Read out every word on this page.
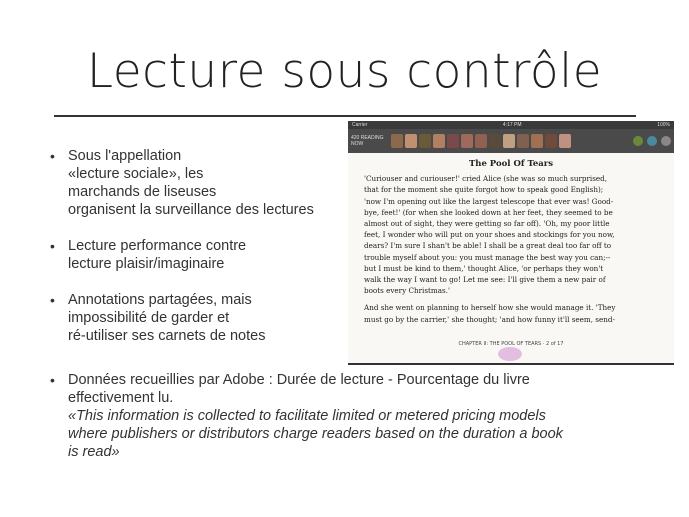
Lecture sous contrôle
• Sous l'appellation
«lecture sociale», les
marchands de liseuses
organisent la surveillance des lectures
• Lecture performance contre
lecture plaisir/imaginaire
• Annotations partagées, mais
impossibilité de garder et
ré-utiliser ses carnets de notes
Carrier	4:17 PM	100%
420 READING NOW
The Pool Of Tears
'Curiouser and curiouser!' cried Alice (she was so much surprised,
that for the moment she quite forgot how to speak good English);
'now I'm opening out like the largest telescope that ever was! Good-
bye, feet!' (for when she looked down at her feet, they seemed to be
almost out of sight, they were getting so far off). 'Oh, my poor little
feet, I wonder who will put on your shoes and stockings for you now,
dears? I'm sure I shan't be able! I shall be a great deal too far off to
trouble myself about you: you must manage the best way you can;--
but I must be kind to them,' thought Alice, 'or perhaps they won't
walk the way I want to go! Let me see: I'll give them a new pair of
boots every Christmas.'
And she went on planning to herself how she would manage it. 'They
must go by the carrier,' she thought; 'and how funny it'll seem, send-
CHAPTER II: THE POOL OF TEARS · 2 of 17
• Données recueillies par Adobe : Durée de lecture - Pourcentage du livre
effectivement lu.
«This information is collected to facilitate limited or metered pricing models
where publishers or distributors charge readers based on the duration a book
is read»
